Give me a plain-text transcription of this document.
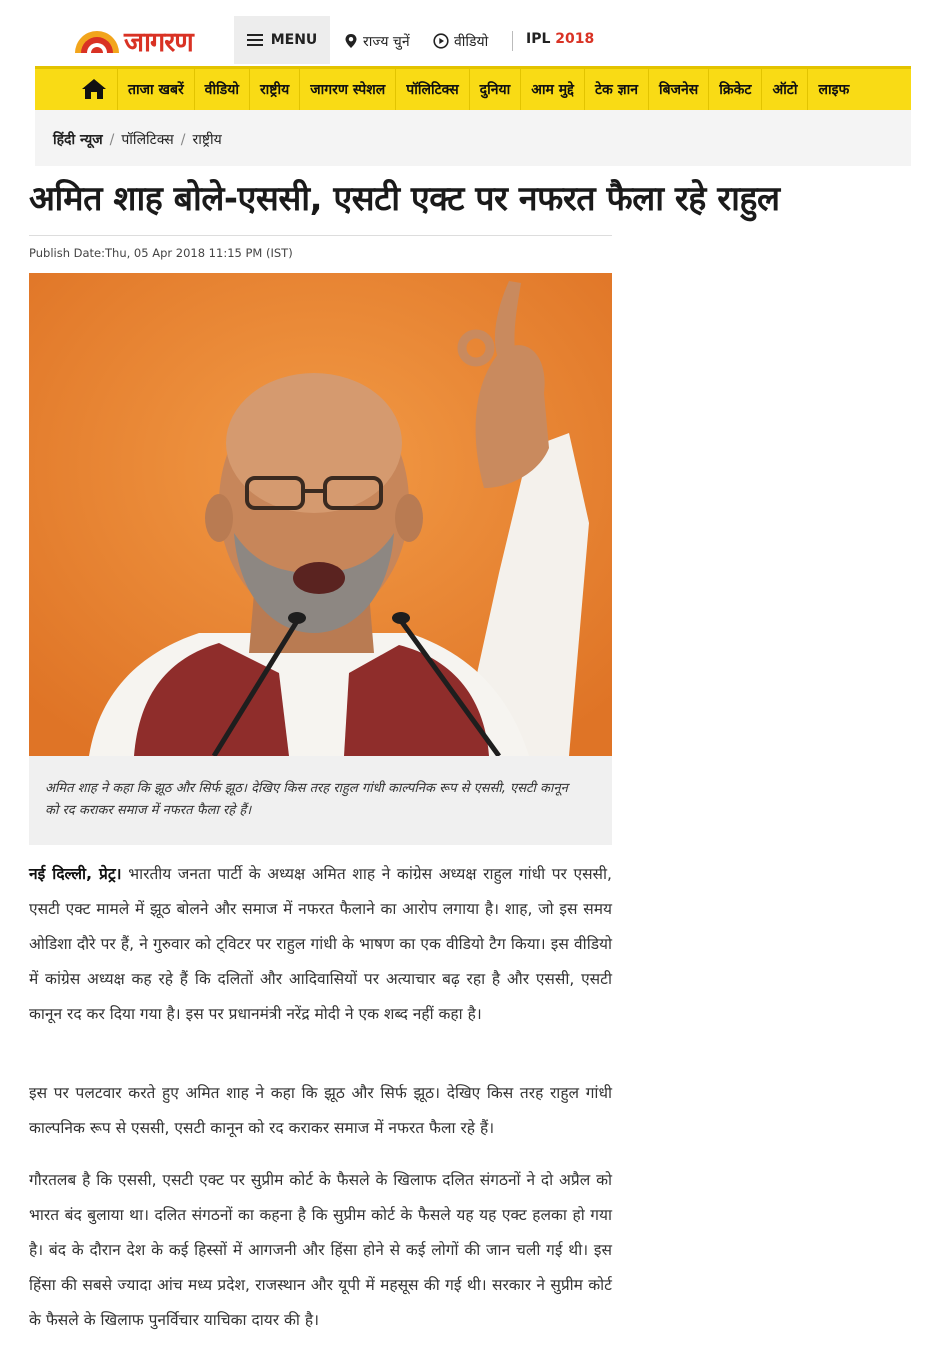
जागरण	MENU	राज्य चुनें	वीडियो	IPL 2018
ताजा खबरें	वीडियो	राष्ट्रीय	जागरण स्पेशल	पॉलिटिक्स	दुनिया	आम मुद्दे	टेक ज्ञान	बिजनेस	क्रिकेट	ऑटो	लाइफ
हिंदी न्यूज / पॉलिटिक्स / राष्ट्रीय
अमित शाह बोले-एससी, एसटी एक्ट पर नफरत फैला रहे राहुल
Publish Date:Thu, 05 Apr 2018 11:15 PM (IST)

अमित शाह ने कहा कि झूठ और सिर्फ झूठ। देखिए किस तरह राहुल गांधी काल्पनिक रूप से एससी, एसटी कानून को रद कराकर समाज में नफरत फैला रहे हैं।

नई दिल्ली, प्रेट्र। भारतीय जनता पार्टी के अध्यक्ष अमित शाह ने कांग्रेस अध्यक्ष राहुल गांधी पर एससी, एसटी एक्ट मामले में झूठ बोलने और समाज में नफरत फैलाने का आरोप लगाया है। शाह, जो इस समय ओडिशा दौरे पर हैं, ने गुरुवार को ट्विटर पर राहुल गांधी के भाषण का एक वीडियो टैग किया। इस वीडियो में कांग्रेस अध्यक्ष कह रहे हैं कि दलितों और आदिवासियों पर अत्याचार बढ़ रहा है और एससी, एसटी कानून रद कर दिया गया है। इस पर प्रधानमंत्री नरेंद्र मोदी ने एक शब्द नहीं कहा है।

इस पर पलटवार करते हुए अमित शाह ने कहा कि झूठ और सिर्फ झूठ। देखिए किस तरह राहुल गांधी काल्पनिक रूप से एससी, एसटी कानून को रद कराकर समाज में नफरत फैला रहे हैं।

गौरतलब है कि एससी, एसटी एक्ट पर सुप्रीम कोर्ट के फैसले के खिलाफ दलित संगठनों ने दो अप्रैल को भारत बंद बुलाया था। दलित संगठनों का कहना है कि सुप्रीम कोर्ट के फैसले यह यह एक्ट हलका हो गया है। बंद के दौरान देश के कई हिस्सों में आगजनी और हिंसा होने से कई लोगों की जान चली गई थी। इस हिंसा की सबसे ज्यादा आंच मध्य प्रदेश, राजस्थान और यूपी में महसूस की गई थी। सरकार ने सुप्रीम कोर्ट के फैसले के खिलाफ पुनर्विचार याचिका दायर की है।
